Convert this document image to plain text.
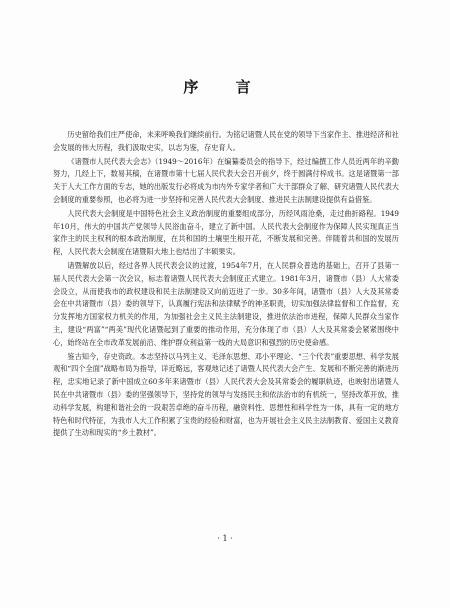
序 言

历史留给我们庄严使命，未来呼唤我们继续前行。为铭记诸暨人民在党的领导下当家作主、推进经济和社会发展的伟大历程，我们汲取史实，以志为鉴，存史育人。

《诸暨市人民代表大会志》（1949～2016年）在编纂委员会的指导下，经过编撰工作人员近两年的辛勤努力，几经上下，数易其稿，在诸暨市第十七届人民代表大会召开前夕，终于圆满付梓成书。这是诸暨第一部关于人大工作方面的专志，她的出版发行必将成为市内外专家学者和广大干部群众了解、研究诸暨人民代表大会制度的重要参照，也必将为进一步坚持和完善人民代表大会制度、推进民主法制建设提供有益借鉴。

人民代表大会制度是中国特色社会主义政治制度的重要组成部分，历经风雨沧桑，走过曲折路程。1949年10月，伟大的中国共产党领导人民浴血奋斗，建立了新中国。人民代表大会制度作为保障人民实现真正当家作主的民主权利的根本政治制度，在共和国的土壤里生根开花，不断发展和完善。伴随着共和国的发展历程，人民代表大会制度在诸暨阳大地上也结出了丰硕果实。

诸暨解放以后，经过各界人民代表会议的过渡，1954年7月，在人民群众普选的基础上，召开了县第一届人民代表大会第一次会议，标志着诸暨人民代表大会制度正式建立。1981年3月，诸暨市（县）人大常委会设立，从而使我市的政权建设和民主法制建设又向前迈进了一步。30多年间，诸暨市（县）人大及其常委会在中共诸暨市（县）委的领导下，认真履行宪法和法律赋予的神圣职责，切实加强法律监督和工作监督，充分发挥地方国家权力机关的作用，为加强社会主义民主法制建设，推进依法治市进程，保障人民群众当家作主，建设“两富”“两美”现代化诸暨起到了重要的推动作用，充分体现了市（县）人大及其常委会紧紧围绕中心，始终站在全市改革发展前沿、维护群众利益第一线的大局意识和强烈的历史使命感。

鉴古知今，存史资政。本志坚持以马列主义、毛泽东思想、邓小平理论、“三个代表”重要思想、科学发展观和“四个全面”战略布局为指导，详近略远，客观地记述了诸暨人民代表大会产生、发展和不断完善的渐进历程，忠实地记录了新中国成立60多年来诸暨市（县）人民代表大会及其常委会的履职轨迹，也映射出诸暨人民在中共诸暨市（县）委的坚强领导下，坚持党的领导与发扬民主和依法治市的有机统一，坚持改革开放，推动科学发展，构建和谐社会的一段艰苦卓绝的奋斗历程，融资料性、思想性和科学性为一体，具有一定的地方特色和时代特征，为我市人大工作积累了宝贵的经验和财富，也为开展社会主义民主法制教育、爱国主义教育提供了生动和现实的“乡土教材”。

· 1 ·
